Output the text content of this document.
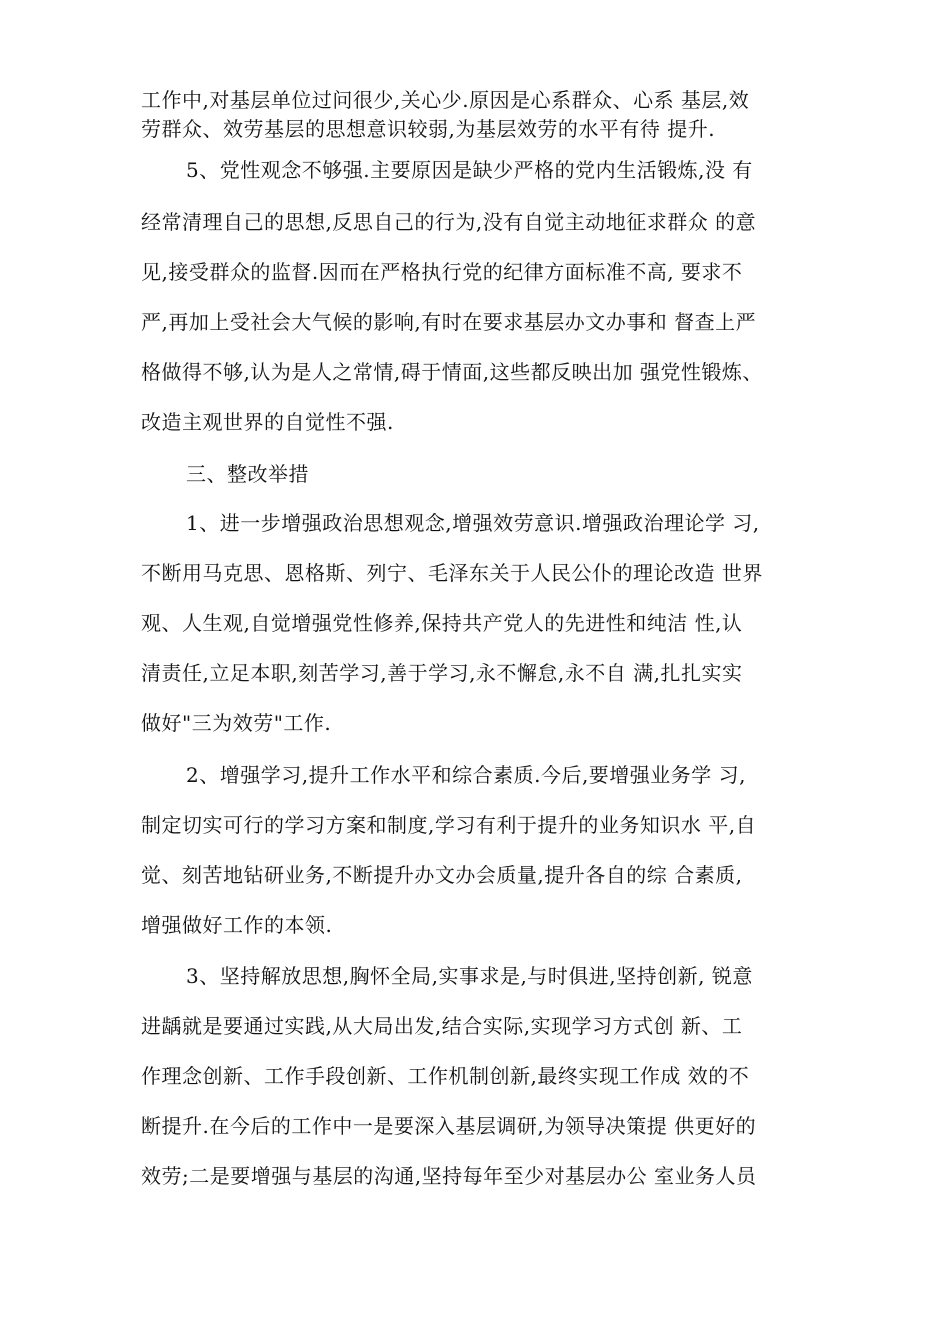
工作中,对基层单位过问很少,关心少.原因是心系群众、心系 基层,效
劳群众、效劳基层的思想意识较弱,为基层效劳的水平有待 提升.
5、党性观念不够强.主要原因是缺少严格的党内生活锻炼,没 有
经常清理自己的思想,反思自己的行为,没有自觉主动地征求群众 的意
见,接受群众的监督.因而在严格执行党的纪律方面标准不高, 要求不
严,再加上受社会大气候的影响,有时在要求基层办文办事和 督查上严
格做得不够,认为是人之常情,碍于情面,这些都反映出加 强党性锻炼、
改造主观世界的自觉性不强.
三、整改举措
1、进一步增强政治思想观念,增强效劳意识.增强政治理论学 习,
不断用马克思、恩格斯、列宁、毛泽东关于人民公仆的理论改造 世界
观、人生观,自觉增强党性修养,保持共产党人的先进性和纯洁 性,认
清责任,立足本职,刻苦学习,善于学习,永不懈怠,永不自 满,扎扎实实
做好"三为效劳"工作.
2、增强学习,提升工作水平和综合素质.今后,要增强业务学 习,
制定切实可行的学习方案和制度,学习有利于提升的业务知识水 平,自
觉、刻苦地钻研业务,不断提升办文办会质量,提升各自的综 合素质,
增强做好工作的本领.
3、坚持解放思想,胸怀全局,实事求是,与时俱进,坚持创新, 锐意
进龋就是要通过实践,从大局出发,结合实际,实现学习方式创 新、工
作理念创新、工作手段创新、工作机制创新,最终实现工作成 效的不
断提升.在今后的工作中一是要深入基层调研,为领导决策提 供更好的
效劳;二是要增强与基层的沟通,坚持每年至少对基层办公 室业务人员
